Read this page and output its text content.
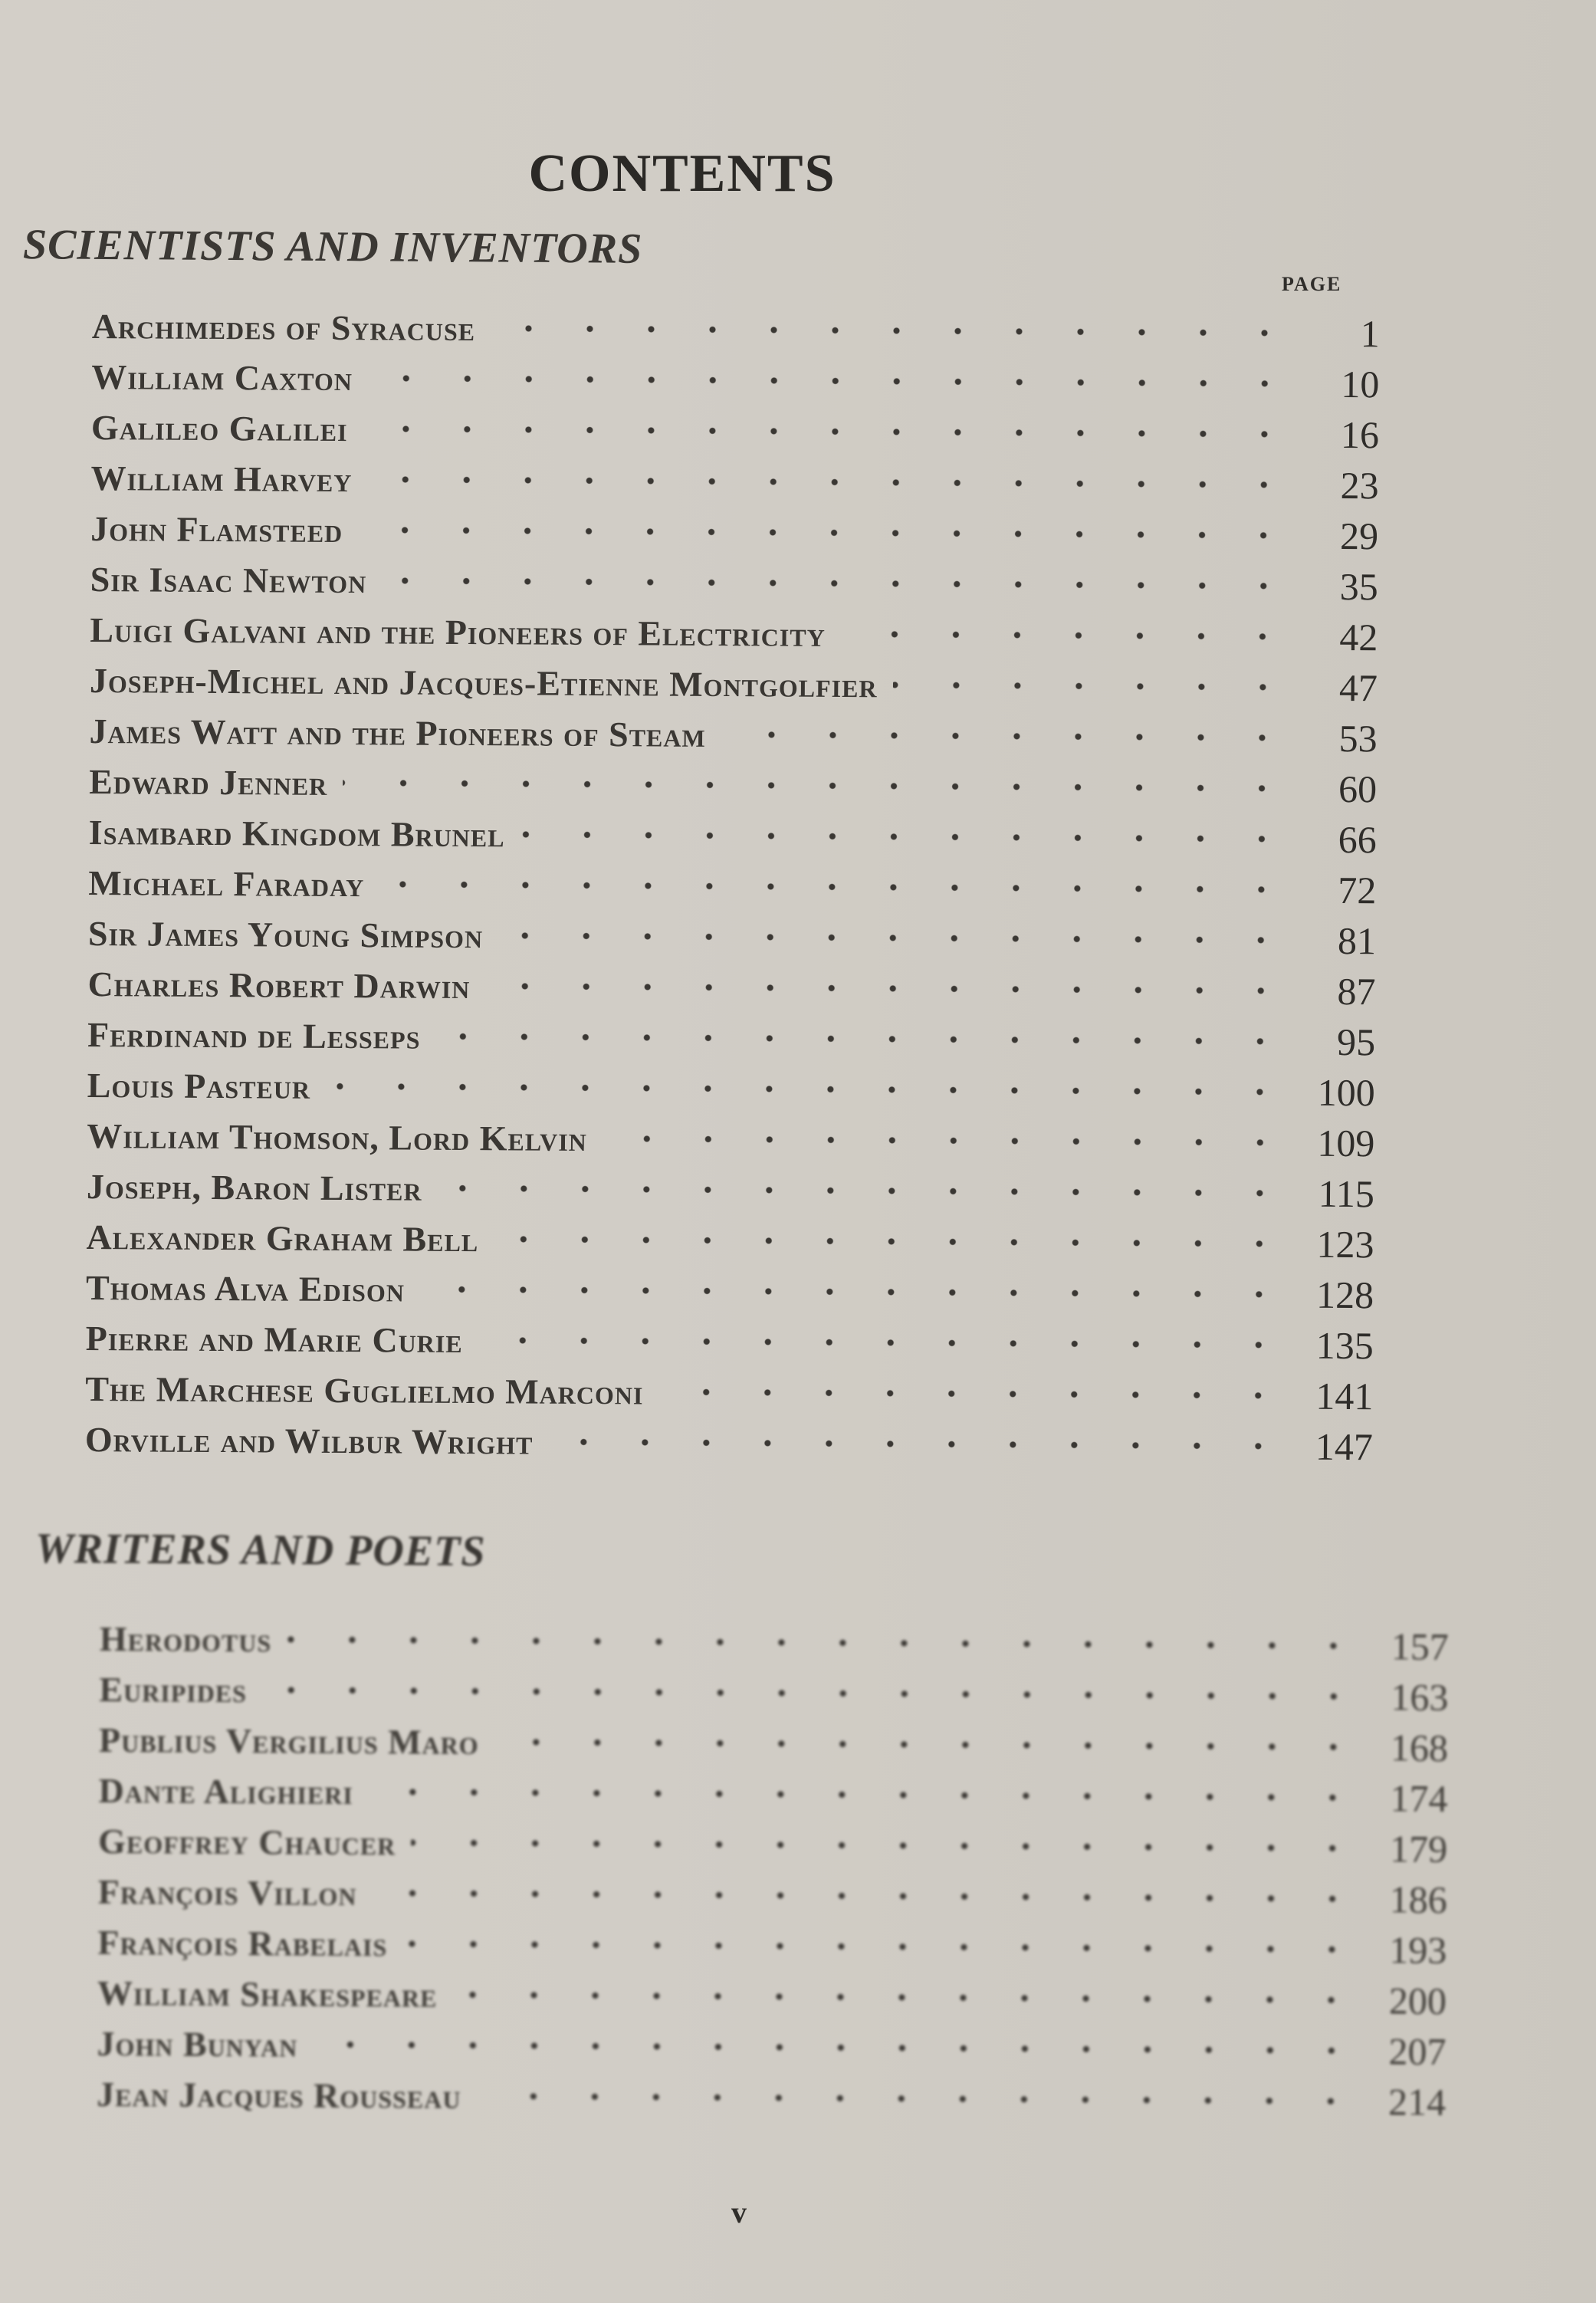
CONTENTS
SCIENTISTS AND INVENTORS
PAGE
Archimedes of Syracuse	1
William Caxton	10
Galileo Galilei	16
William Harvey	23
John Flamsteed	29
Sir Isaac Newton	35
Luigi Galvani and the Pioneers of Electricity	42
Joseph-Michel and Jacques-Etienne Montgolfier	47
James Watt and the Pioneers of Steam	53
Edward Jenner	60
Isambard Kingdom Brunel	66
Michael Faraday	72
Sir James Young Simpson	81
Charles Robert Darwin	87
Ferdinand de Lesseps	95
Louis Pasteur	100
William Thomson, Lord Kelvin	109
Joseph, Baron Lister	115
Alexander Graham Bell	123
Thomas Alva Edison	128
Pierre and Marie Curie	135
The Marchese Guglielmo Marconi	141
Orville and Wilbur Wright	147
WRITERS AND POETS
Herodotus	157
Euripides	163
Publius Vergilius Maro	168
Dante Alighieri	174
Geoffrey Chaucer	179
François Villon	186
François Rabelais	193
William Shakespeare	200
John Bunyan	207
Jean Jacques Rousseau	214
v
